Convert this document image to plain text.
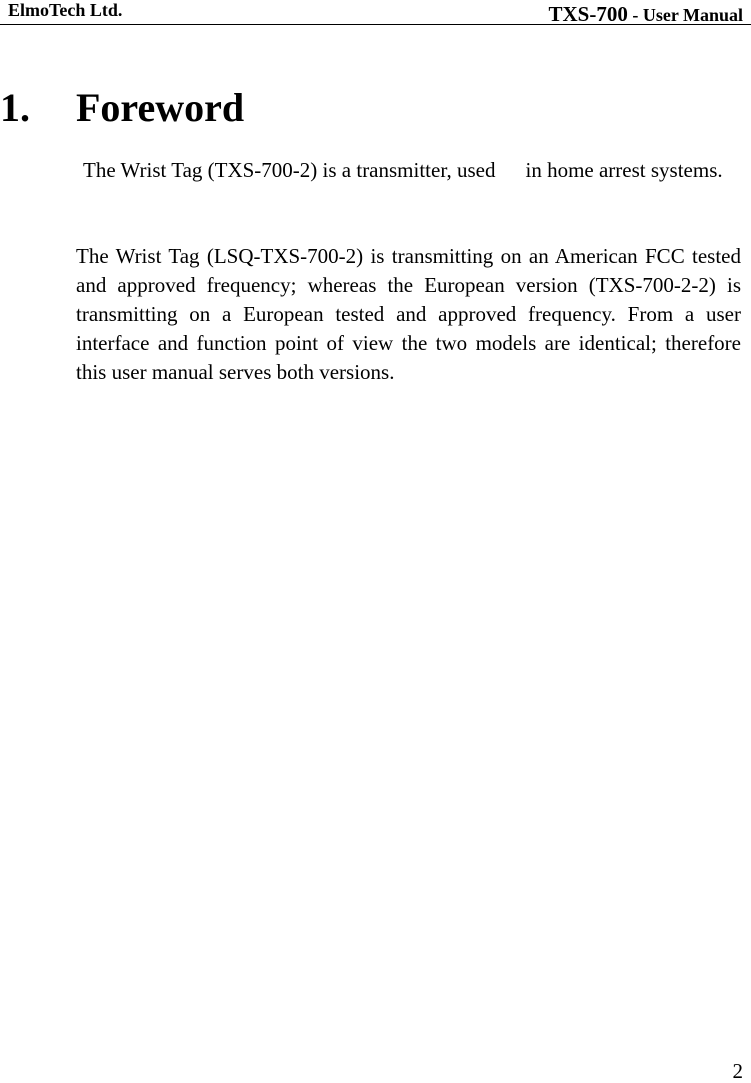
ElmoTech Ltd.	TXS-700 - User Manual
1. Foreword
The Wrist Tag (TXS-700-2) is a transmitter, used in home arrest systems.
The Wrist Tag (LSQ-TXS-700-2) is transmitting on an American FCC tested and approved frequency; whereas the European version (TXS-700-2-2) is transmitting on a European tested and approved frequency. From a user interface and function point of view the two models are identical; therefore this user manual serves both versions.
2
